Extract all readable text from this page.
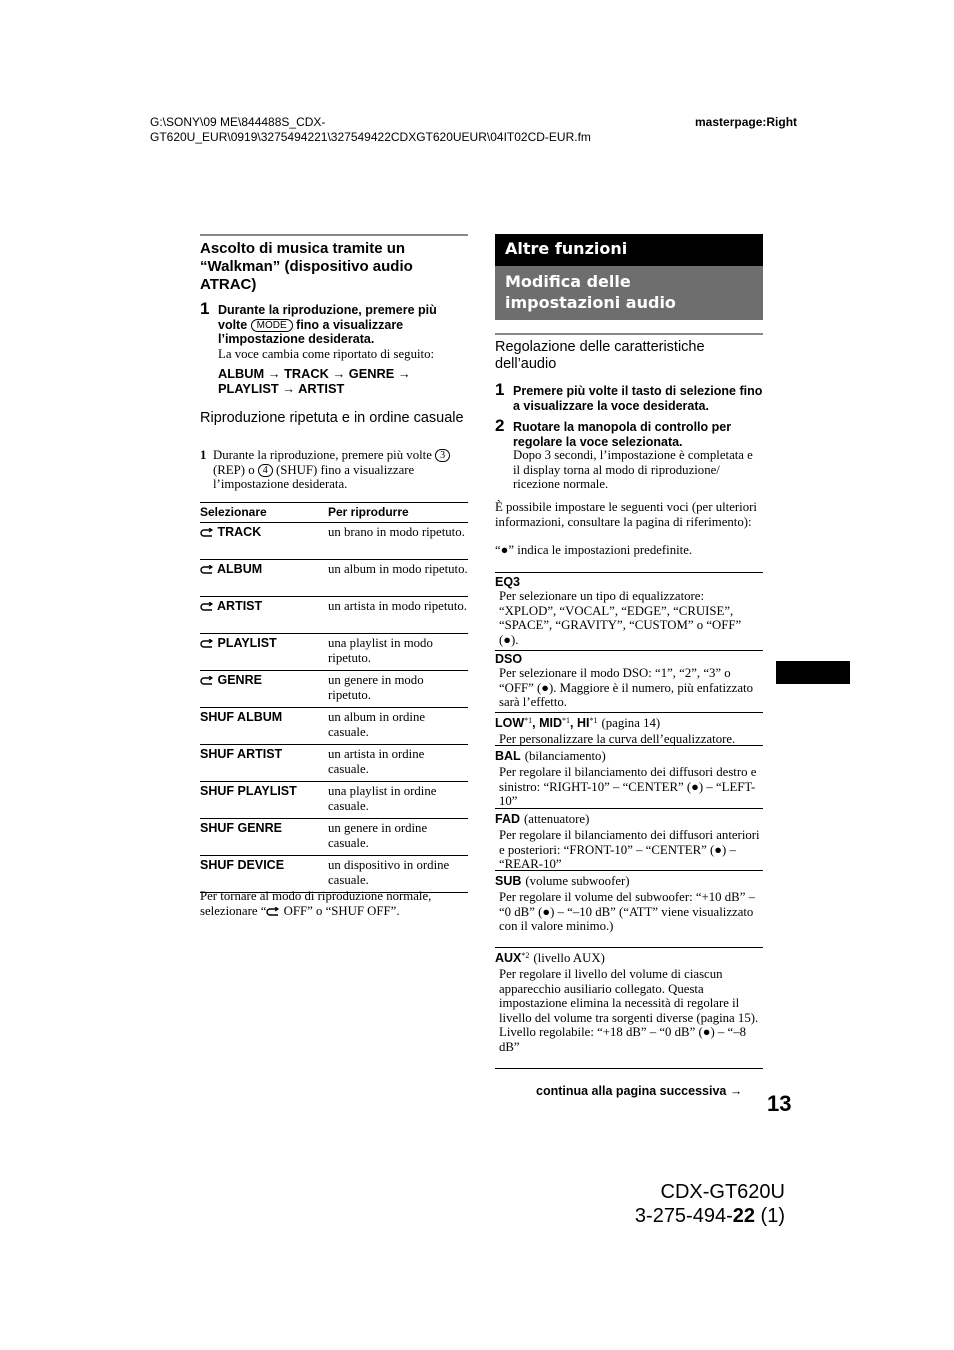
G:\SONY\09 ME\844488S_CDX-
GT620U_EUR\0919\3275494221\327549422CDXGT620UEUR\04IT02CD-EUR.fm
masterpage:Right
Ascolto di musica tramite un “Walkman” (dispositivo audio ATRAC)
1 Durante la riproduzione, premere più volte MODE fino a visualizzare l’impostazione desiderata.
La voce cambia come riportato di seguito:
ALBUM → TRACK → GENRE →
PLAYLIST → ARTIST
Riproduzione ripetuta e in ordine casuale
1 Durante la riproduzione, premere più volte 3 (REP) o 4 (SHUF) fino a visualizzare l’impostazione desiderata.
Selezionare	Per riprodurre
TRACK	un brano in modo ripetuto.
ALBUM	un album in modo ripetuto.
ARTIST	un artista in modo ripetuto.
PLAYLIST	una playlist in modo ripetuto.
GENRE	un genere in modo ripetuto.
SHUF ALBUM	un album in ordine casuale.
SHUF ARTIST	un artista in ordine casuale.
SHUF PLAYLIST	una playlist in ordine casuale.
SHUF GENRE	un genere in ordine casuale.
SHUF DEVICE	un dispositivo in ordine casuale.
Per tornare al modo di riproduzione normale, selezionare “ OFF” o “SHUF OFF”.
Altre funzioni
Modifica delle impostazioni audio
Regolazione delle caratteristiche dell’audio
1 Premere più volte il tasto di selezione fino a visualizzare la voce desiderata.
2 Ruotare la manopola di controllo per regolare la voce selezionata.
Dopo 3 secondi, l’impostazione è completata e il display torna al modo di riproduzione/ ricezione normale.
È possibile impostare le seguenti voci (per ulteriori informazioni, consultare la pagina di riferimento):
“●” indica le impostazioni predefinite.
EQ3
Per selezionare un tipo di equalizzatore: “XPLOD”, “VOCAL”, “EDGE”, “CRUISE”, “SPACE”, “GRAVITY”, “CUSTOM” o “OFF” (●).
DSO
Per selezionare il modo DSO: “1”, “2”, “3” o “OFF” (●). Maggiore è il numero, più enfatizzato sarà l’effetto.
LOW$^{*1}$, MID$^{*1}$, HI$^{*1}$ (pagina 14)
Per personalizzare la curva dell’equalizzatore.
BAL (bilanciamento)
Per regolare il bilanciamento dei diffusori destro e sinistro: “RIGHT-10” – “CENTER” (●) – “LEFT-10”
FAD (attenuatore)
Per regolare il bilanciamento dei diffusori anteriori e posteriori: “FRONT-10” – “CENTER” (●) – “REAR-10”
SUB (volume subwoofer)
Per regolare il volume del subwoofer: “+10 dB” – “0 dB” (●) – “–10 dB” (“ATT” viene visualizzato con il valore minimo.)
AUX$^{*2}$ (livello AUX)
Per regolare il livello del volume di ciascun apparecchio ausiliario collegato. Questa impostazione elimina la necessità di regolare il livello del volume tra sorgenti diverse (pagina 15).
Livello regolabile: “+18 dB” – “0 dB” (●) – “–8 dB”
continua alla pagina successiva → 13
CDX-GT620U
3-275-494-22 (1)
